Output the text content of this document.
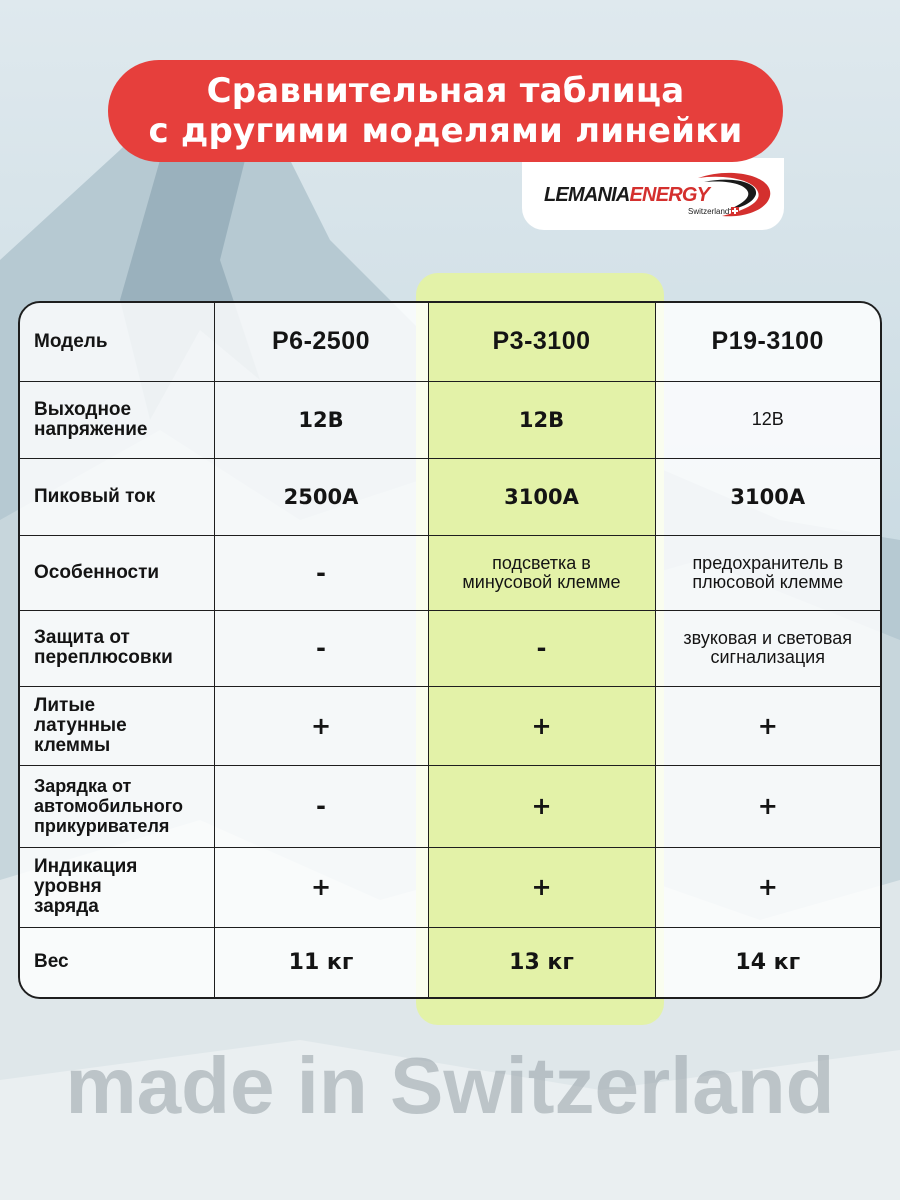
Сравнительная таблица
с другими моделями линейки
LEMANIAENERGY
Switzerland
Модель	P6-2500	P3-3100	P19-3100
Выходное напряжение	12В	12В	12В
Пиковый ток	2500А	3100А	3100А
Особенности	-	подсветка в минусовой клемме	предохранитель в плюсовой клемме
Защита от переплюсовки	-	-	звуковая и световая сигнализация
Литые латунные клеммы	+	+	+
Зарядка от автомобильного прикуривателя	-	+	+
Индикация уровня заряда	+	+	+
Вес	11 кг	13 кг	14 кг
made in Switzerland
